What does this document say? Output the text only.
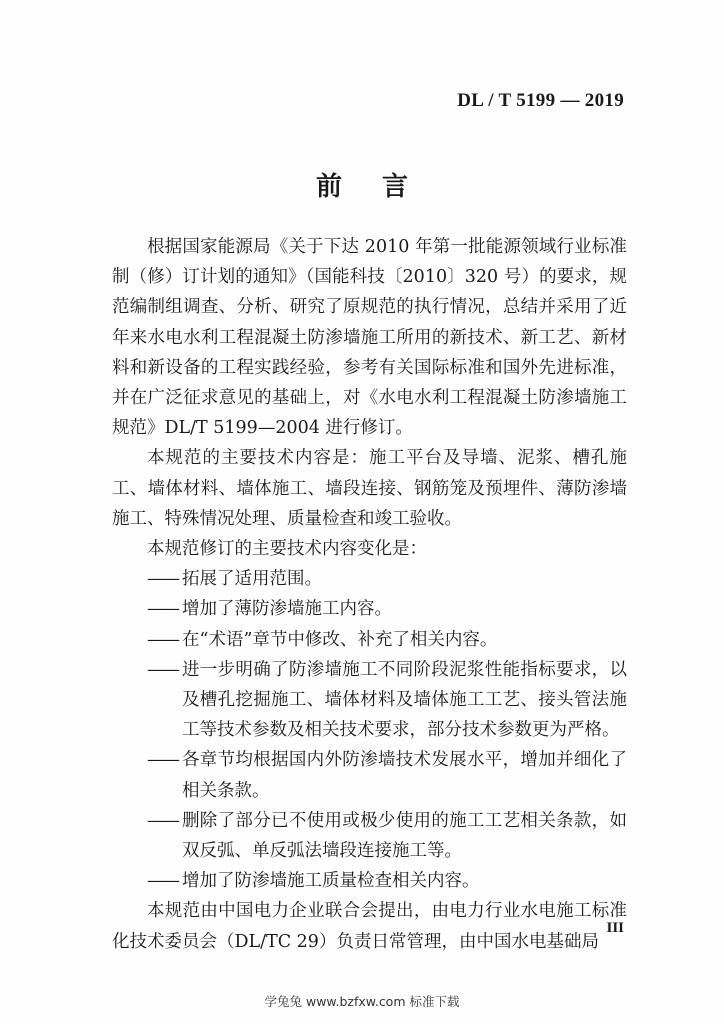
DL / T 5199 — 2019
前言

根据国家能源局《关于下达 2010 年第一批能源领域行业标准制（修）订计划的通知》（国能科技〔2010〕320 号）的要求，规范编制组调查、分析、研究了原规范的执行情况，总结并采用了近年来水电水利工程混凝土防渗墙施工所用的新技术、新工艺、新材料和新设备的工程实践经验，参考有关国际标准和国外先进标准，并在广泛征求意见的基础上，对《水电水利工程混凝土防渗墙施工规范》DL/T 5199—2004 进行修订。

本规范的主要技术内容是：施工平台及导墙、泥浆、槽孔施工、墙体材料、墙体施工、墙段连接、钢筋笼及预埋件、薄防渗墙施工、特殊情况处理、质量检查和竣工验收。

本规范修订的主要技术内容变化是：

—— 拓展了适用范围。
—— 增加了薄防渗墙施工内容。
—— 在“术语”章节中修改、补充了相关内容。
—— 进一步明确了防渗墙施工不同阶段泥浆性能指标要求，以及槽孔挖掘施工、墙体材料及墙体施工工艺、接头管法施工等技术参数及相关技术要求，部分技术参数更为严格。
—— 各章节均根据国内外防渗墙技术发展水平，增加并细化了相关条款。
—— 删除了部分已不使用或极少使用的施工工艺相关条款，如双反弧、单反弧法墙段连接施工等。
—— 增加了防渗墙施工质量检查相关内容。

本规范由中国电力企业联合会提出，由电力行业水电施工标准化技术委员会（DL/TC 29）负责日常管理，由中国水电基础局

III
学兔兔 www.bzfxw.com 标准下载
